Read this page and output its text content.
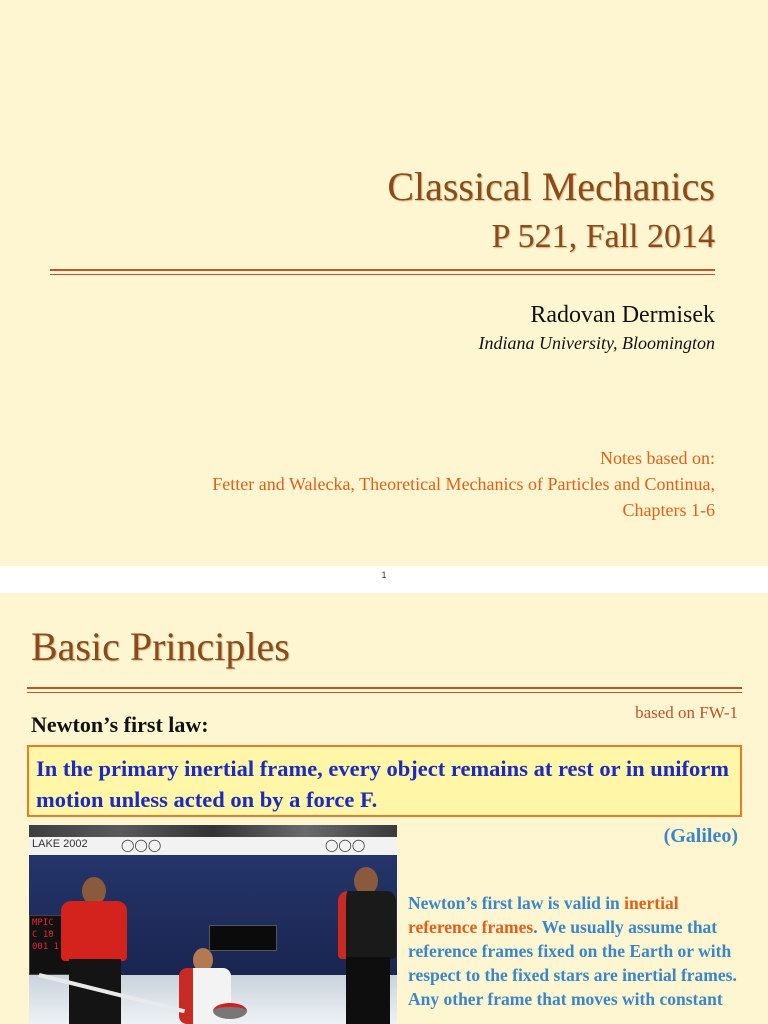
Classical Mechanics
P 521, Fall 2014
Radovan Dermisek
Indiana University, Bloomington
Notes based on:
Fetter and Walecka, Theoretical Mechanics of Particles and Continua,
Chapters 1-6
1
Basic Principles
based on FW-1
Newton’s first law:
In the primary inertial frame, every object remains at rest or in uniform motion unless acted on by a force F.
(Galileo)
LAKE 2002	◯◯◯	◯◯◯
MPIC
C 10
001 1
Newton’s first law is valid in inertial reference frames. We usually assume that reference frames fixed on the Earth or with respect to the fixed stars are inertial frames. Any other frame that moves with constant
